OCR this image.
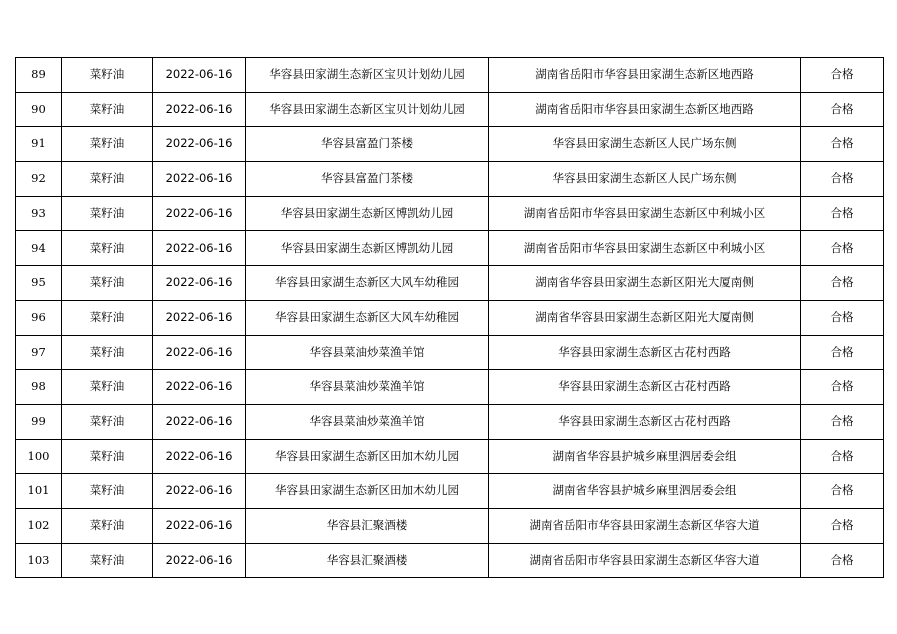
89	菜籽油	2022-06-16	华容县田家湖生态新区宝贝计划幼儿园	湖南省岳阳市华容县田家湖生态新区地西路	合格
90	菜籽油	2022-06-16	华容县田家湖生态新区宝贝计划幼儿园	湖南省岳阳市华容县田家湖生态新区地西路	合格
91	菜籽油	2022-06-16	华容县富盈门茶楼	华容县田家湖生态新区人民广场东侧	合格
92	菜籽油	2022-06-16	华容县富盈门茶楼	华容县田家湖生态新区人民广场东侧	合格
93	菜籽油	2022-06-16	华容县田家湖生态新区博凯幼儿园	湖南省岳阳市华容县田家湖生态新区中利城小区	合格
94	菜籽油	2022-06-16	华容县田家湖生态新区博凯幼儿园	湖南省岳阳市华容县田家湖生态新区中利城小区	合格
95	菜籽油	2022-06-16	华容县田家湖生态新区大风车幼稚园	湖南省华容县田家湖生态新区阳光大厦南侧	合格
96	菜籽油	2022-06-16	华容县田家湖生态新区大风车幼稚园	湖南省华容县田家湖生态新区阳光大厦南侧	合格
97	菜籽油	2022-06-16	华容县菜油炒菜渔羊馆	华容县田家湖生态新区古花村西路	合格
98	菜籽油	2022-06-16	华容县菜油炒菜渔羊馆	华容县田家湖生态新区古花村西路	合格
99	菜籽油	2022-06-16	华容县菜油炒菜渔羊馆	华容县田家湖生态新区古花村西路	合格
100	菜籽油	2022-06-16	华容县田家湖生态新区田加木幼儿园	湖南省华容县护城乡麻里泗居委会组	合格
101	菜籽油	2022-06-16	华容县田家湖生态新区田加木幼儿园	湖南省华容县护城乡麻里泗居委会组	合格
102	菜籽油	2022-06-16	华容县汇聚酒楼	湖南省岳阳市华容县田家湖生态新区华容大道	合格
103	菜籽油	2022-06-16	华容县汇聚酒楼	湖南省岳阳市华容县田家湖生态新区华容大道	合格
